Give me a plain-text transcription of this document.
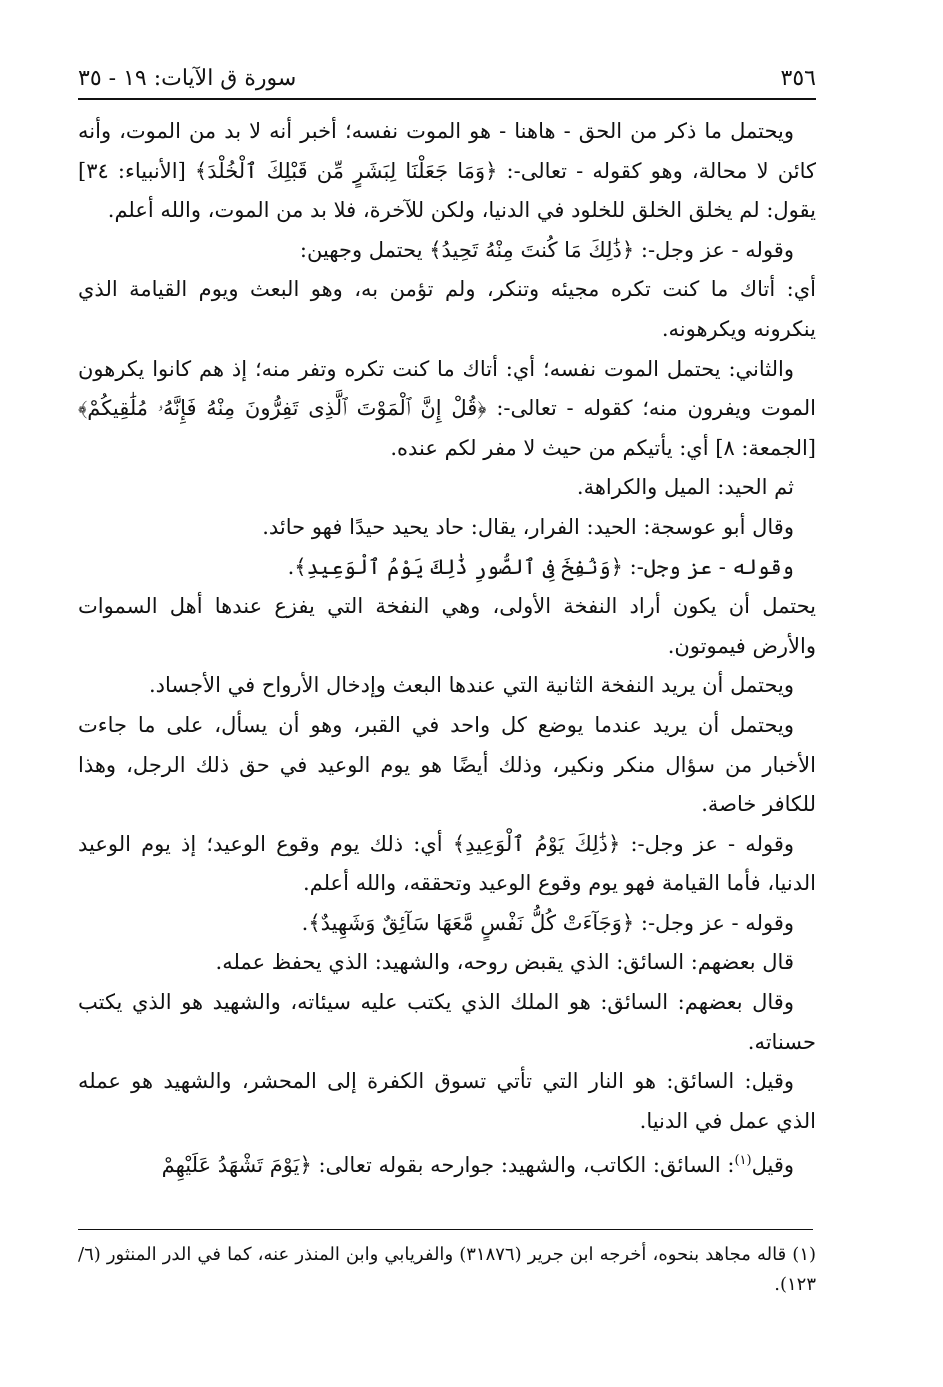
٣٥٦
سورة ق الآيات: ١٩ - ٣٥

ويحتمل ما ذكر من الحق - هاهنا - هو الموت نفسه؛ أخبر أنه لا بد من الموت، وأنه كائن لا محالة، وهو كقوله - تعالى-: ﴿وَمَا جَعَلْنَا لِبَشَرٍ مِّن قَبْلِكَ ٱلْخُلْدَ﴾ [الأنبياء: ٣٤] يقول: لم يخلق الخلق للخلود في الدنيا، ولكن للآخرة، فلا بد من الموت، والله أعلم.

وقوله - عز وجل-: ﴿ذَٰلِكَ مَا كُنتَ مِنْهُ تَحِيدُ﴾ يحتمل وجهين:

أي: أتاك ما كنت تكره مجيئه وتنكر، ولم تؤمن به، وهو البعث ويوم القيامة الذي ينكرونه ويكرهونه.

والثاني: يحتمل الموت نفسه؛ أي: أتاك ما كنت تكره وتفر منه؛ إذ هم كانوا يكرهون الموت ويفرون منه؛ كقوله - تعالى-: ﴿قُلْ إِنَّ ٱلْمَوْتَ ٱلَّذِى تَفِرُّونَ مِنْهُ فَإِنَّهُۥ مُلَٰقِيكُمْ﴾ [الجمعة: ٨] أي: يأتيكم من حيث لا مفر لكم عنده.

ثم الحيد: الميل والكراهة.

وقال أبو عوسجة: الحيد: الفرار، يقال: حاد يحيد حيدًا فهو حائد.

وقوله - عز وجل-: ﴿وَنُفِخَ فِى ٱلصُّورِ ذَٰلِكَ يَوْمُ ٱلْوَعِيدِ﴾.

يحتمل أن يكون أراد النفخة الأولى، وهي النفخة التي يفزع عندها أهل السموات والأرض فيموتون.

ويحتمل أن يريد النفخة الثانية التي عندها البعث وإدخال الأرواح في الأجساد.

ويحتمل أن يريد عندما يوضع كل واحد في القبر، وهو أن يسأل، على ما جاءت الأخبار من سؤال منكر ونكير، وذلك أيضًا هو يوم الوعيد في حق ذلك الرجل، وهذا للكافر خاصة.

وقوله - عز وجل-: ﴿ذَٰلِكَ يَوْمُ ٱلْوَعِيدِ﴾ أي: ذلك يوم وقوع الوعيد؛ إذ يوم الوعيد الدنيا، فأما القيامة فهو يوم وقوع الوعيد وتحققه، والله أعلم.

وقوله - عز وجل-: ﴿وَجَآءَتْ كُلُّ نَفْسٍ مَّعَهَا سَآئِقٌ وَشَهِيدٌ﴾.

قال بعضهم: السائق: الذي يقبض روحه، والشهيد: الذي يحفظ عمله.

وقال بعضهم: السائق: هو الملك الذي يكتب عليه سيئاته، والشهيد هو الذي يكتب حسناته.

وقيل: السائق: هو النار التي تأتي تسوق الكفرة إلى المحشر، والشهيد هو عمله الذي عمل في الدنيا.

وقيل$^{(١)}$: السائق: الكاتب، والشهيد: جوارحه بقوله تعالى: ﴿يَوْمَ تَشْهَدُ عَلَيْهِمْ

(١) قاله مجاهد بنحوه، أخرجه ابن جرير (٣١٨٧٦) والفريابي وابن المنذر عنه، كما في الدر المنثور (٦/ ١٢٣).
